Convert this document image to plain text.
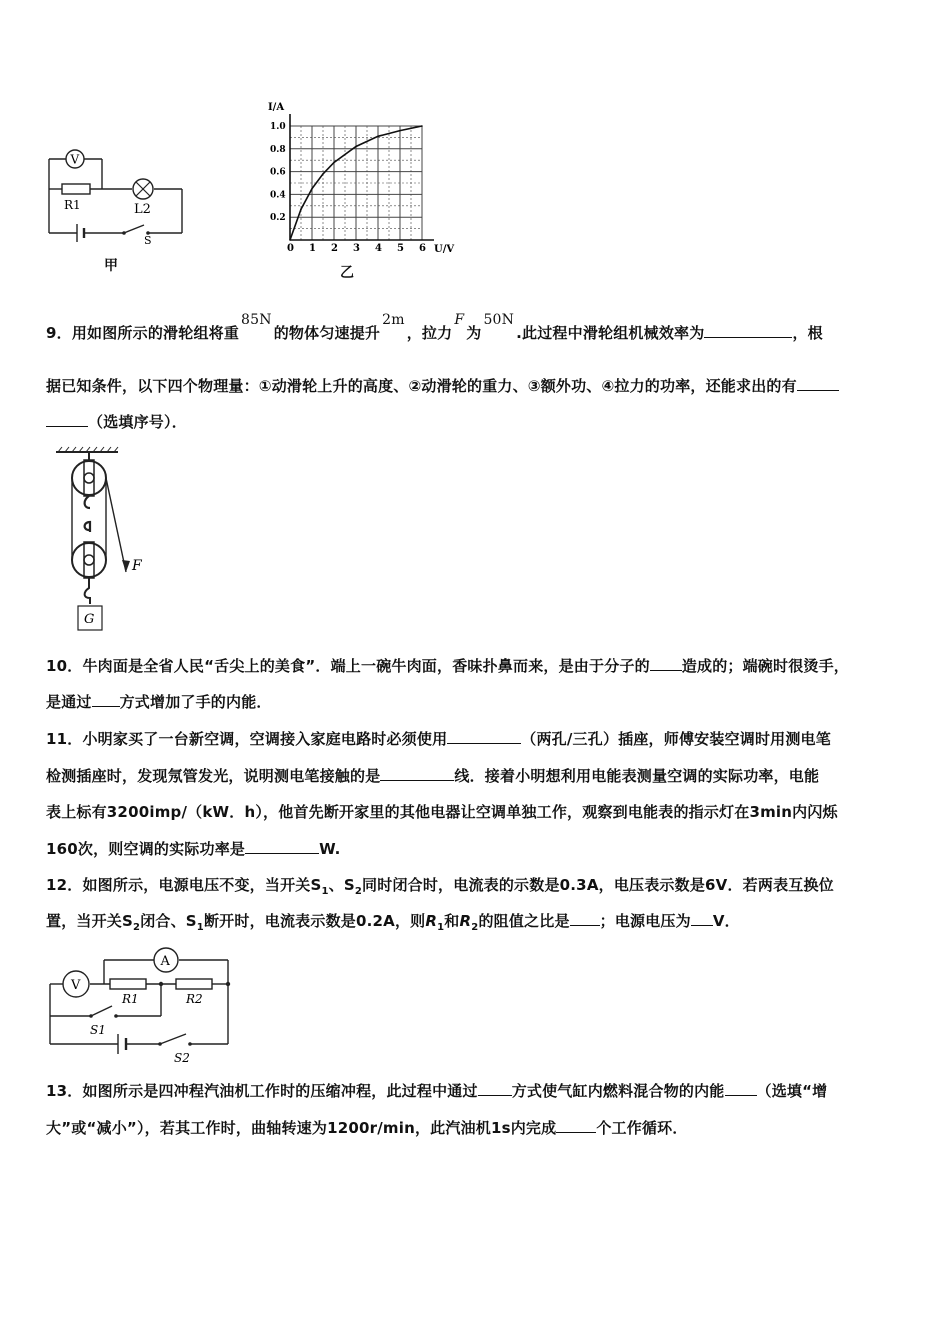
V
R1	L2
S
甲
0 1 2 3 4 5 6
0.2
0.4
0.6
0.8
1.0
I/A
U/V
乙
9．用如图所示的滑轮组将重85N的物体匀速提升2m，拉力F为50N.此过程中滑轮组机械效率为	，根
据已知条件，以下四个物理量：①动滑轮上升的高度、②动滑轮的重力、③额外功、④拉力的功率，还能求出的有
（选填序号）．
F
G
10．牛肉面是全省人民“舌尖上的美食”．端上一碗牛肉面，香味扑鼻而来，是由于分子的 造成的；端碗时很烫手，
是通过 方式增加了手的内能．
11．小明家买了一台新空调，空调接入家庭电路时必须使用	（两孔/三孔）插座，师傅安装空调时用测电笔
检测插座时，发现氖管发光，说明测电笔接触的是	线．接着小明想利用电能表测量空调的实际功率，电能
表上标有3200imp/（kW．h），他首先断开家里的其他电器让空调单独工作，观察到电能表的指示灯在3min内闪烁
160次，则空调的实际功率是	W.
12．如图所示，电源电压不变，当开关$S_1$、$S_2$同时闭合时，电流表的示数是0.3A，电压表示数是6V．若两表互换位
置，当开关$S_2$闭合、$S_1$断开时，电流表示数是0.2A，则$R_1$和$R_2$的阻值之比是 ；电源电压为 V．
A
V
R1	R2
S1
S2
13．如图所示是四冲程汽油机工作时的压缩冲程，此过程中通过 方式使气缸内燃料混合物的内能 （选填“增
大”或“减小”），若其工作时，曲轴转速为1200r/min，此汽油机1s内完成	个工作循环．
